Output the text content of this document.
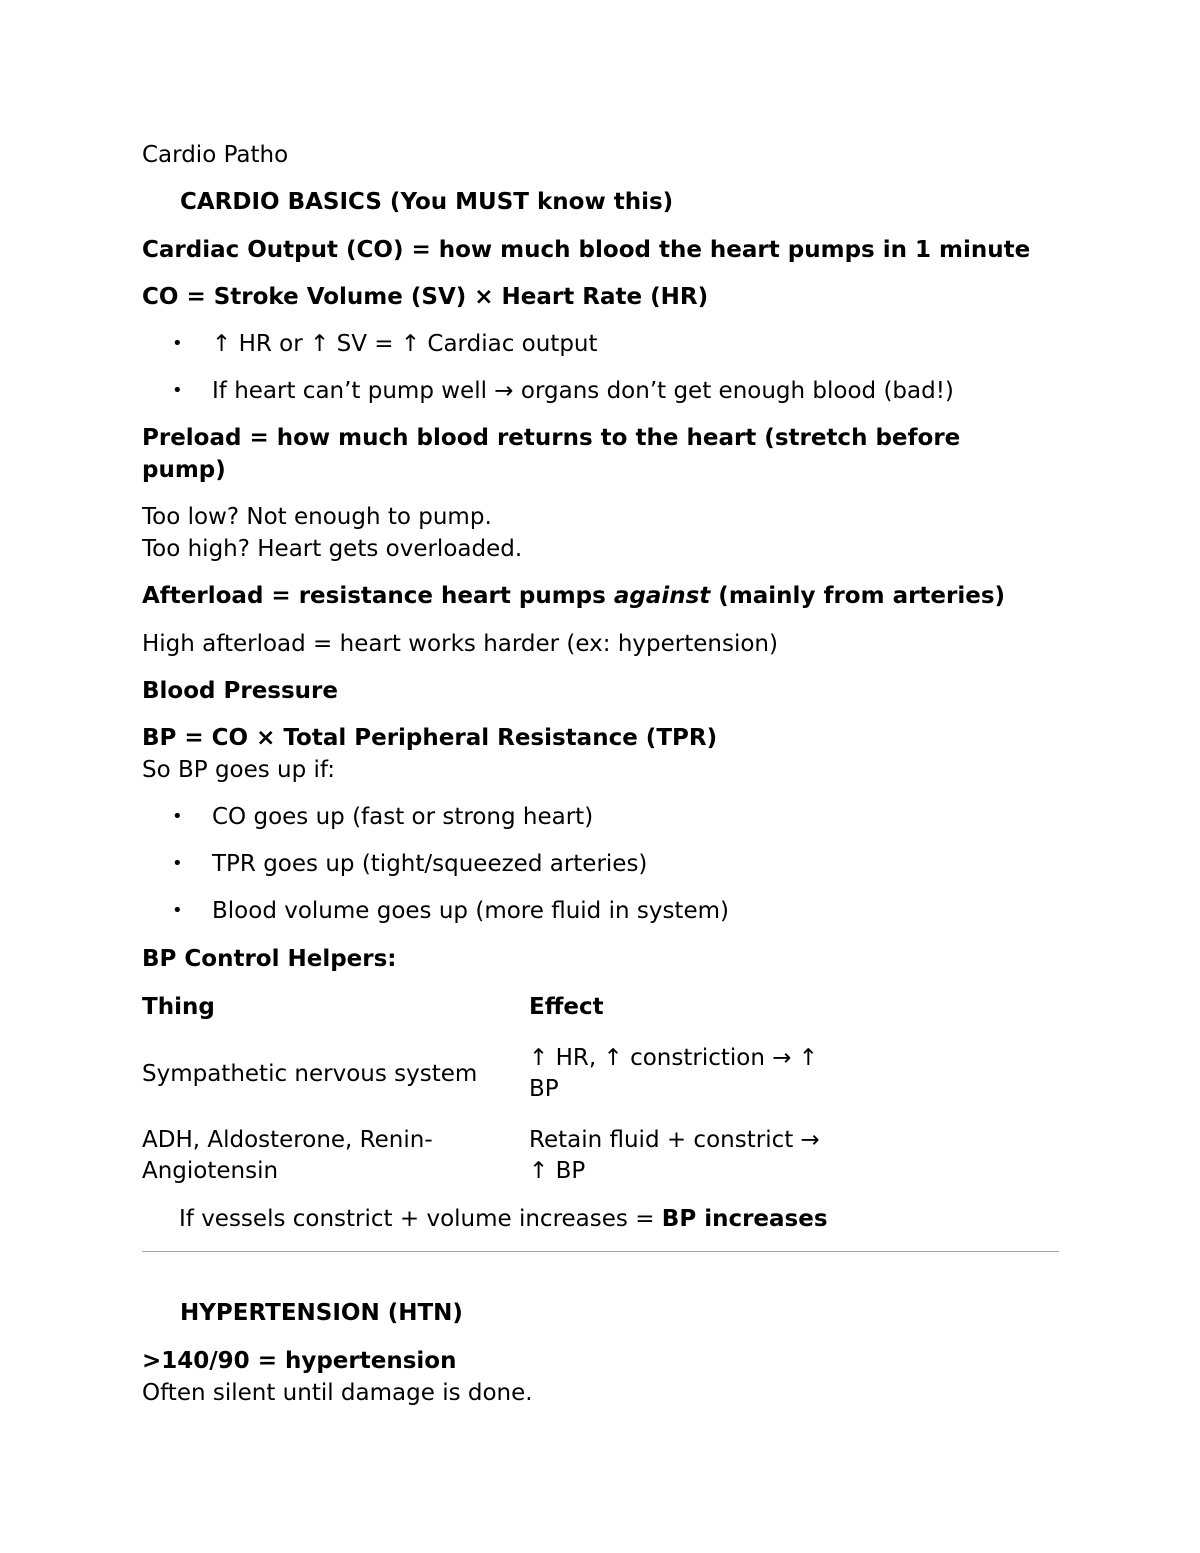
Cardio Patho
CARDIO BASICS (You MUST know this)
Cardiac Output (CO) = how much blood the heart pumps in 1 minute
CO = Stroke Volume (SV) × Heart Rate (HR)
• ↑ HR or ↑ SV = ↑ Cardiac output
• If heart can’t pump well → organs don’t get enough blood (bad!)
Preload = how much blood returns to the heart (stretch before
pump)
Too low? Not enough to pump.
Too high? Heart gets overloaded.
Afterload = resistance heart pumps against (mainly from arteries)
High afterload = heart works harder (ex: hypertension)
Blood Pressure
BP = CO × Total Peripheral Resistance (TPR)
So BP goes up if:
• CO goes up (fast or strong heart)
• TPR goes up (tight/squeezed arteries)
• Blood volume goes up (more fluid in system)
BP Control Helpers:
Thing	Effect
Sympathetic nervous system
↑ HR, ↑ constriction → ↑
BP
ADH, Aldosterone, Renin-
Angiotensin
Retain fluid + constrict →
↑ BP
If vessels constrict + volume increases = BP increases
HYPERTENSION (HTN)
>140/90 = hypertension
Often silent until damage is done.
